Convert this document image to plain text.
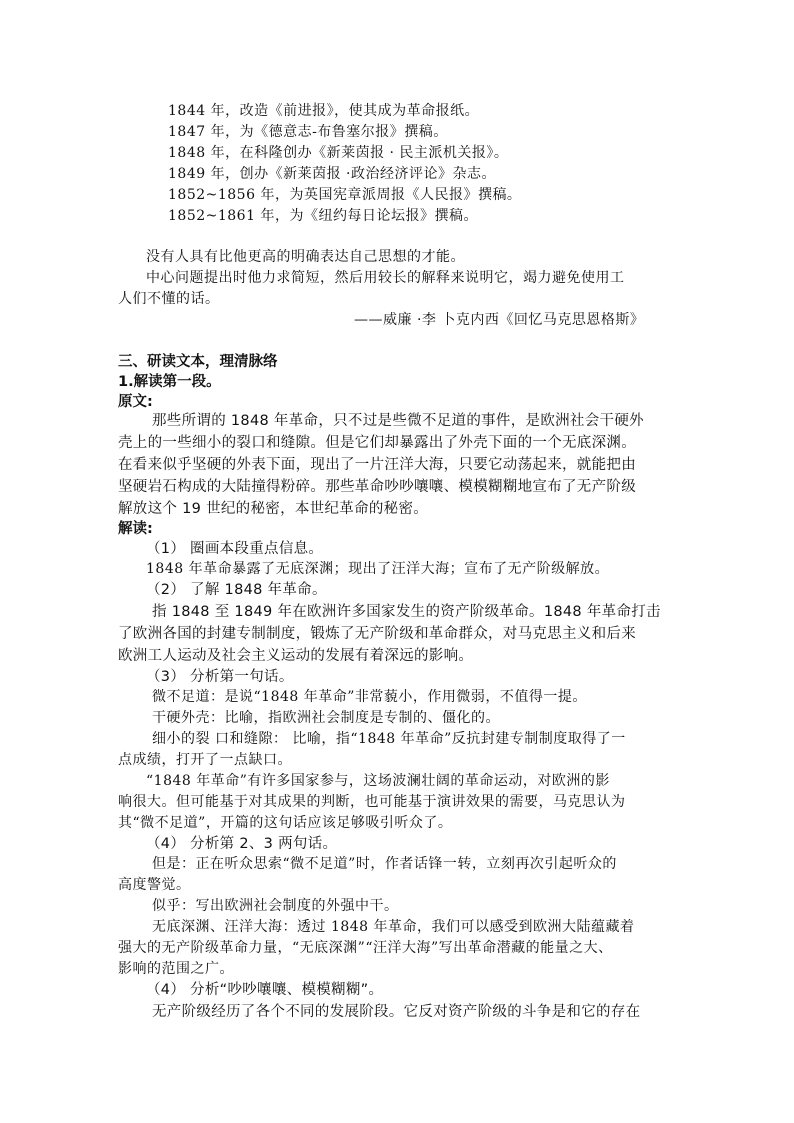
1844 年，改造《前进报》，使其成为革命报纸。
1847 年，为《德意志-布鲁塞尔报》撰稿。
1848 年，在科隆创办《新莱茵报 · 民主派机关报》。
1849 年，创办《新莱茵报 ·政治经济评论》杂志。
1852~1856 年，为英国宪章派周报《人民报》撰稿。
1852~1861 年，为《纽约每日论坛报》撰稿。
没有人具有比他更高的明确表达自己思想的才能。
中心问题提出时他力求简短，然后用较长的解释来说明它，竭力避免使用工
人们不懂的话。
——威廉 ·李 卜克内西《回忆马克思恩格斯》
三、研读文本，理清脉络
1.解读第一段。
原文:
那些所谓的 1848 年革命，只不过是些微不足道的事件，是欧洲社会干硬外
壳上的一些细小的裂口和缝隙。但是它们却暴露出了外壳下面的一个无底深渊。
在看来似乎坚硬的外表下面，现出了一片汪洋大海，只要它动荡起来，就能把由
坚硬岩石构成的大陆撞得粉碎。那些革命吵吵嚷嚷、模模糊糊地宣布了无产阶级
解放这个 19 世纪的秘密，本世纪革命的秘密。
解读:
（1） 圈画本段重点信息。
1848 年革命暴露了无底深渊；现出了汪洋大海；宣布了无产阶级解放。
（2） 了解 1848 年革命。
指 1848 至 1849 年在欧洲许多国家发生的资产阶级革命。1848 年革命打击
了欧洲各国的封建专制制度，锻炼了无产阶级和革命群众，对马克思主义和后来
欧洲工人运动及社会主义运动的发展有着深远的影响。
（3） 分析第一句话。
微不足道：是说“1848 年革命”非常藐小，作用微弱，不值得一提。
干硬外壳：比喻，指欧洲社会制度是专制的、僵化的。
细小的裂 口和缝隙： 比喻，指“1848 年革命”反抗封建专制制度取得了一
点成绩，打开了一点缺口。
“1848 年革命”有许多国家参与，这场波澜壮阔的革命运动，对欧洲的影
响很大。但可能基于对其成果的判断，也可能基于演讲效果的需要，马克思认为
其“微不足道”，开篇的这句话应该足够吸引听众了。
（4） 分析第 2、3 两句话。
但是：正在听众思索“微不足道”时，作者话锋一转，立刻再次引起听众的
高度警觉。
似乎：写出欧洲社会制度的外强中干。
无底深渊、汪洋大海：透过 1848 年革命，我们可以感受到欧洲大陆蕴藏着
强大的无产阶级革命力量，“无底深渊”“汪洋大海”写出革命潜藏的能量之大、
影响的范围之广。
（4） 分析“吵吵嚷嚷、模模糊糊”。
无产阶级经历了各个不同的发展阶段。它反对资产阶级的斗争是和它的存在
